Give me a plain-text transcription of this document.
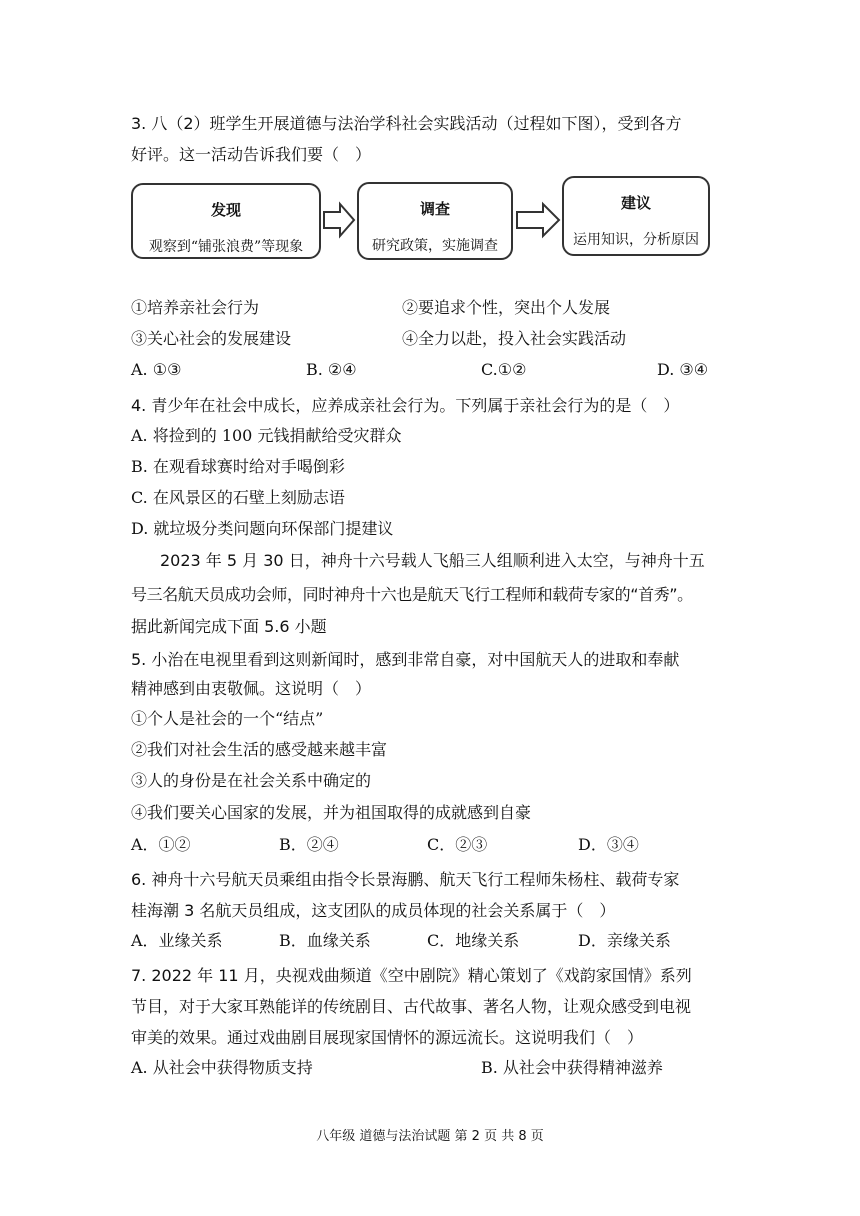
3. 八（2）班学生开展道德与法治学科社会实践活动（过程如下图），受到各方
好评。这一活动告诉我们要（　）
发现
观察到“铺张浪费”等现象
调查
研究政策，实施调查
建议
运用知识，分析原因
①培养亲社会行为	②要追求个性，突出个人发展
③关心社会的发展建设	④全力以赴，投入社会实践活动
A. ①③	B. ②④	C.①②	D. ③④
4. 青少年在社会中成长，应养成亲社会行为。下列属于亲社会行为的是（　）
A. 将捡到的 100 元钱捐献给受灾群众
B. 在观看球赛时给对手喝倒彩
C. 在风景区的石壁上刻励志语
D. 就垃圾分类问题向环保部门提建议
2023 年 5 月 30 日，神舟十六号载人飞船三人组顺利进入太空，与神舟十五
号三名航天员成功会师，同时神舟十六也是航天飞行工程师和载荷专家的“首秀”。
据此新闻完成下面 5.6 小题
5. 小治在电视里看到这则新闻时，感到非常自豪，对中国航天人的进取和奉献
精神感到由衷敬佩。这说明（　）
①个人是社会的一个“结点”
②我们对社会生活的感受越来越丰富
③人的身份是在社会关系中确定的
④我们要关心国家的发展，并为祖国取得的成就感到自豪
A．①②	B．②④	C．②③	D．③④
6. 神舟十六号航天员乘组由指令长景海鹏、航天飞行工程师朱杨柱、载荷专家
桂海潮 3 名航天员组成，这支团队的成员体现的社会关系属于（　）
A．业缘关系	B．血缘关系	C．地缘关系	D．亲缘关系
7. 2022 年 11 月，央视戏曲频道《空中剧院》精心策划了《戏韵家国情》系列
节目，对于大家耳熟能详的传统剧目、古代故事、著名人物，让观众感受到电视
审美的效果。通过戏曲剧目展现家国情怀的源远流长。这说明我们（　）
A. 从社会中获得物质支持	B. 从社会中获得精神滋养
八年级 道德与法治试题 第 2 页 共 8 页
